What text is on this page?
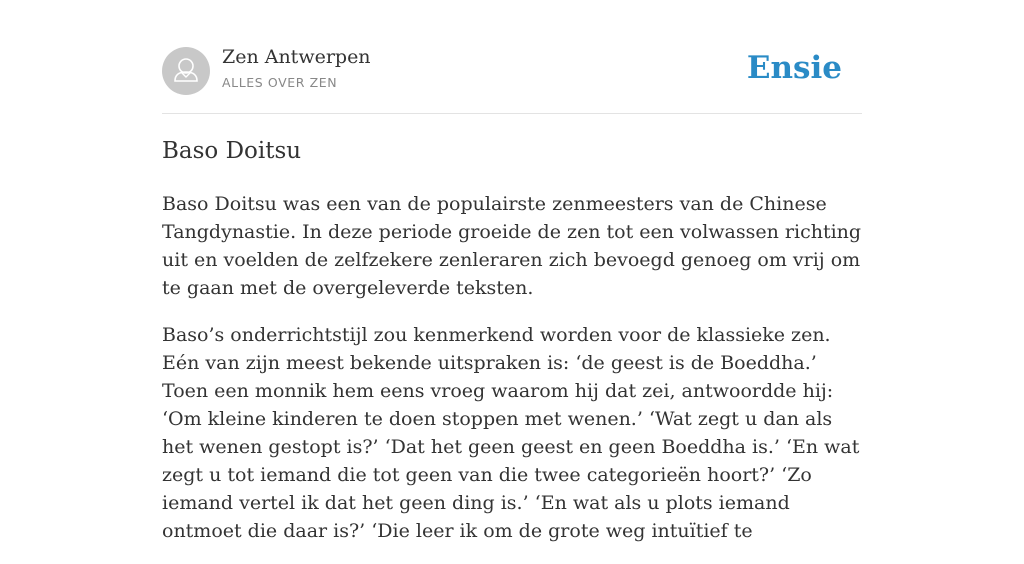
Zen Antwerpen
ALLES OVER ZEN	Ensie
Baso Doitsu

Baso Doitsu was een van de populairste zenmeesters van de Chinese Tangdynastie. In deze periode groeide de zen tot een volwassen richting uit en voelden de zelfzekere zenleraren zich bevoegd genoeg om vrij om te gaan met de overgeleverde teksten.

Baso’s onderrichtstijl zou kenmerkend worden voor de klassieke zen. Eén van zijn meest bekende uitspraken is: ‘de geest is de Boeddha.’ Toen een monnik hem eens vroeg waarom hij dat zei, antwoordde hij: ‘Om kleine kinderen te doen stoppen met wenen.’ ‘Wat zegt u dan als het wenen gestopt is?’ ‘Dat het geen geest en geen Boeddha is.’ ‘En wat zegt u tot iemand die tot geen van die twee categorieën hoort?’ ‘Zo iemand vertel ik dat het geen ding is.’ ‘En wat als u plots iemand ontmoet die daar is?’ ‘Die leer ik om de grote weg intuïtief te
